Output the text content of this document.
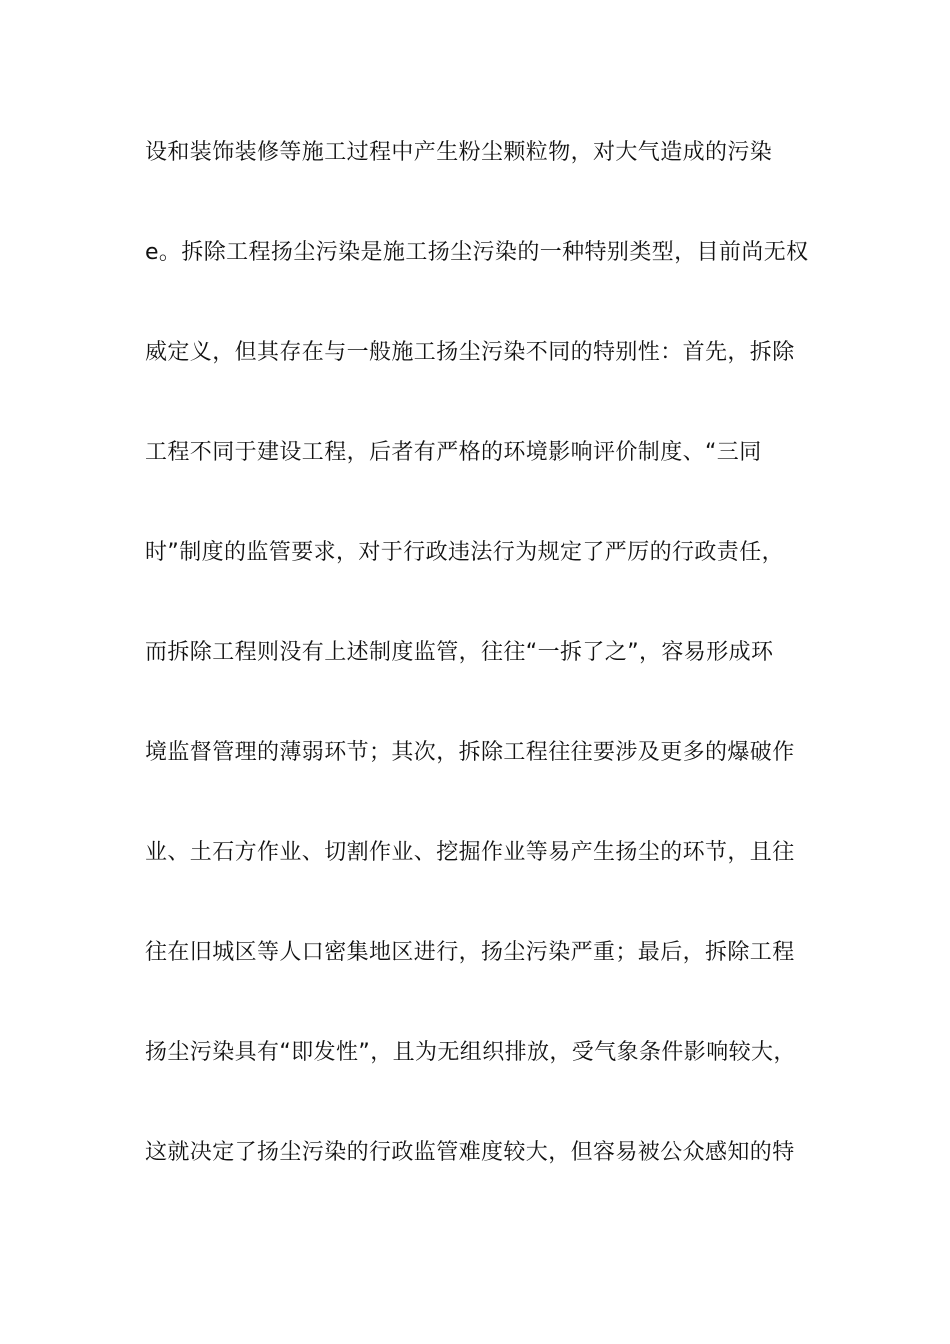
设和装饰装修等施工过程中产生粉尘颗粒物，对大气造成的污染
e。拆除工程扬尘污染是施工扬尘污染的一种特别类型，目前尚无权
威定义，但其存在与一般施工扬尘污染不同的特别性：首先，拆除
工程不同于建设工程，后者有严格的环境影响评价制度、“三同
时”制度的监管要求，对于行政违法行为规定了严厉的行政责任，
而拆除工程则没有上述制度监管，往往“一拆了之”，容易形成环
境监督管理的薄弱环节；其次，拆除工程往往要涉及更多的爆破作
业、土石方作业、切割作业、挖掘作业等易产生扬尘的环节，且往
往在旧城区等人口密集地区进行，扬尘污染严重；最后，拆除工程
扬尘污染具有“即发性”，且为无组织排放，受气象条件影响较大，
这就决定了扬尘污染的行政监管难度较大，但容易被公众感知的特
